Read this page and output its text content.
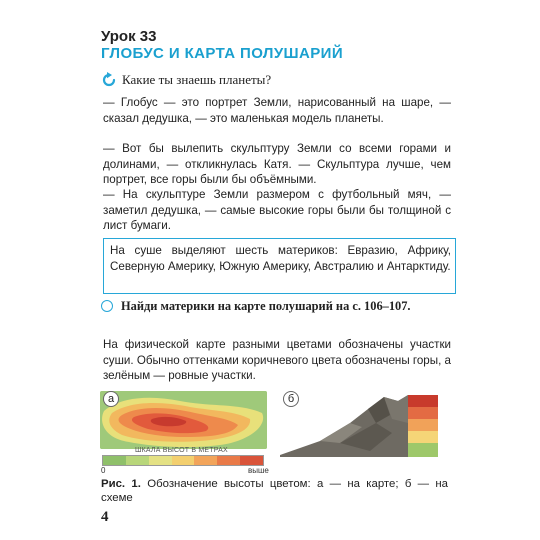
Урок 33
ГЛОБУС И КАРТА ПОЛУШАРИЙ
Какие ты знаешь планеты?

— Глобус — это портрет Земли, нарисованный на шаре, — сказал дедушка, — это маленькая модель планеты.

— Вот бы вылепить скульптуру Земли со всеми горами и долинами, — откликнулась Катя. — Скульптура лучше, чем портрет, все горы были бы объёмными.

— На скульптуре Земли размером с футбольный мяч, — заметил дедушка, — самые высокие горы были бы толщиной с лист бумаги.

На суше выделяют шесть материков: Евразию, Африку, Северную Америку, Южную Америку, Австралию и Антарктиду.
Найди материки на карте полушарий на с. 106–107.

На физической карте разными цветами обозначены участки суши. Обычно оттенками коричневого цвета обозначены горы, а зелёным — ровные участки.

а
ШКАЛА ВЫСОТ В МЕТРАХ
0	выше
б
Рис. 1. Обозначение высоты цветом: а — на карте; б — на схеме
4
